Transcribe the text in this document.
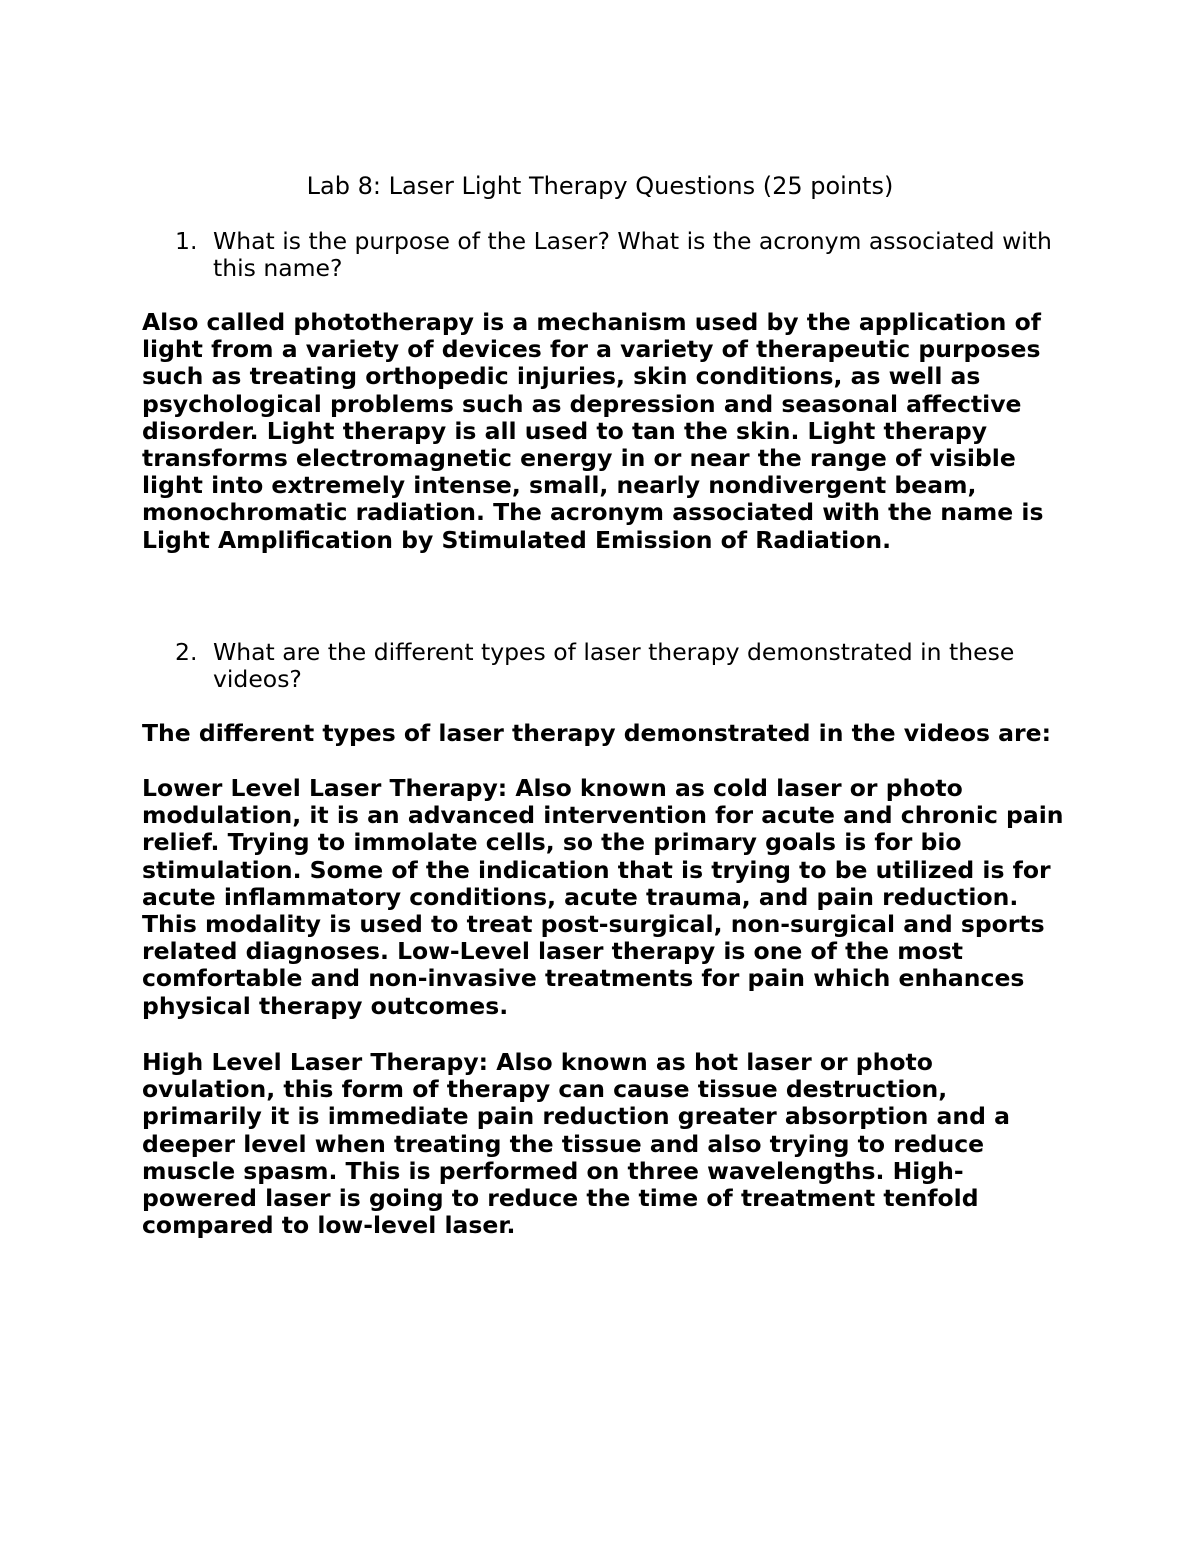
Lab 8: Laser Light Therapy Questions (25 points)
1. What is the purpose of the Laser? What is the acronym associated with this name?

Also called phototherapy is a mechanism used by the application of light from a variety of devices for a variety of therapeutic purposes such as treating orthopedic injuries, skin conditions, as well as psychological problems such as depression and seasonal affective disorder. Light therapy is all used to tan the skin. Light therapy transforms electromagnetic energy in or near the range of visible light into extremely intense, small, nearly nondivergent beam, monochromatic radiation. The acronym associated with the name is Light Amplification by Stimulated Emission of Radiation.

2. What are the different types of laser therapy demonstrated in these videos?

The different types of laser therapy demonstrated in the videos are:

Lower Level Laser Therapy: Also known as cold laser or photo modulation, it is an advanced intervention for acute and chronic pain relief. Trying to immolate cells, so the primary goals is for bio stimulation. Some of the indication that is trying to be utilized is for acute inflammatory conditions, acute trauma, and pain reduction. This modality is used to treat post-surgical, non-surgical and sports related diagnoses. Low-Level laser therapy is one of the most comfortable and non-invasive treatments for pain which enhances physical therapy outcomes.

High Level Laser Therapy: Also known as hot laser or photo ovulation, this form of therapy can cause tissue destruction, primarily it is immediate pain reduction greater absorption and a deeper level when treating the tissue and also trying to reduce muscle spasm. This is performed on three wavelengths. High-powered laser is going to reduce the time of treatment tenfold compared to low-level laser.
